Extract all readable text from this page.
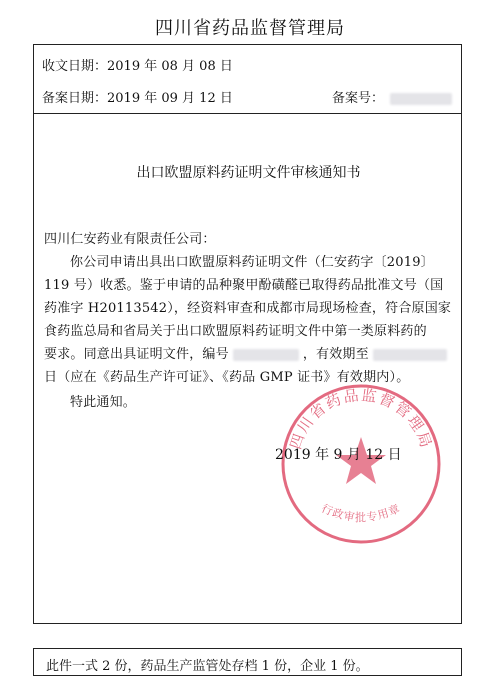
四川省药品监督管理局
收文日期：2019 年 08 月 08 日
备案日期：2019 年 09 月 12 日	备案号：
出口欧盟原料药证明文件审核通知书
四川仁安药业有限责任公司：
你公司申请出具出口欧盟原料药证明文件（仁安药字〔2019〕
119 号）收悉。鉴于申请的品种聚甲酚磺醛已取得药品批准文号（国
药准字 H20113542），经资料审查和成都市局现场检查，符合原国家
食药监总局和省局关于出口欧盟原料药证明文件中第一类原料药的
要求。同意出具证明文件，编号	，有效期至
日（应在《药品生产许可证》、《药品 GMP 证书》有效期内）。
特此通知。
四川省药品监督管理局
行政审批专用章
2019 年 9 月 12 日
此件一式 2 份，药品生产监管处存档 1 份，企业 1 份。
